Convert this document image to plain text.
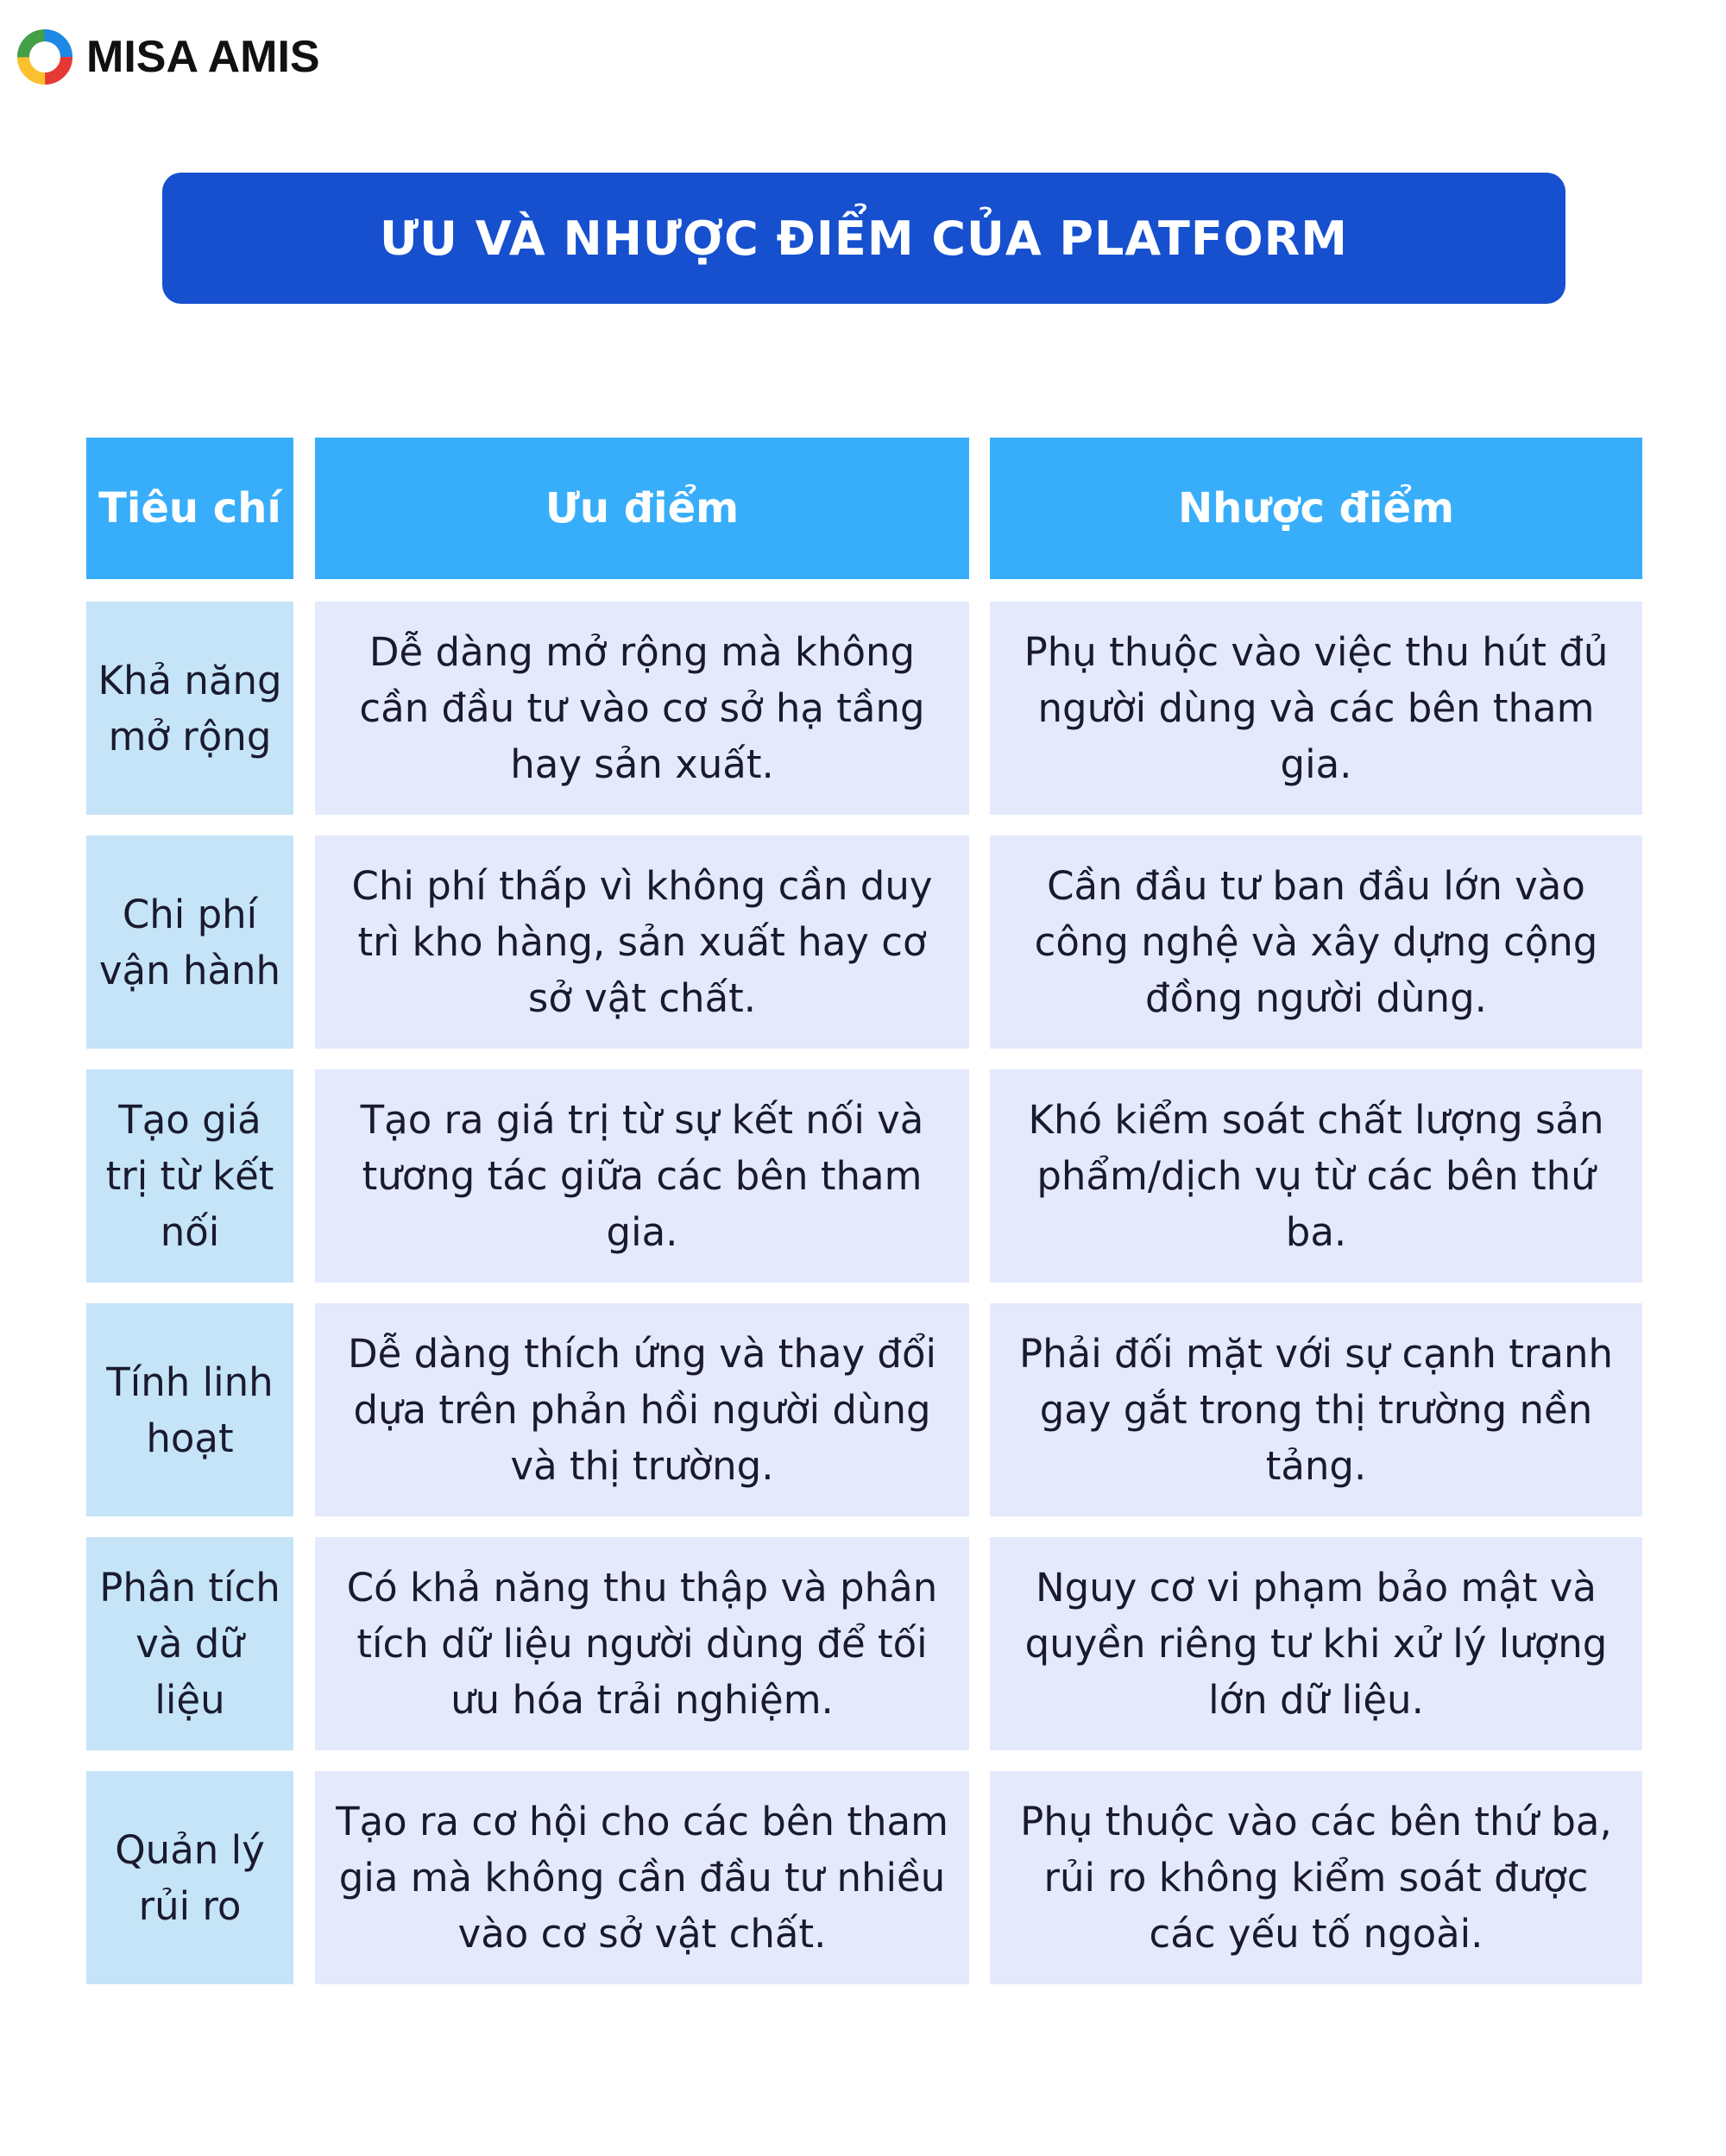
MISA AMIS
ƯU VÀ NHƯỢC ĐIỂM CỦA PLATFORM
Tiêu chí	Ưu điểm	Nhược điểm
Khả năng mở rộng
Dễ dàng mở rộng mà không cần đầu tư vào cơ sở hạ tầng hay sản xuất.
Phụ thuộc vào việc thu hút đủ người dùng và các bên tham gia.
Chi phí vận hành
Chi phí thấp vì không cần duy trì kho hàng, sản xuất hay cơ sở vật chất.
Cần đầu tư ban đầu lớn vào công nghệ và xây dựng cộng đồng người dùng.
Tạo giá trị từ kết nối
Tạo ra giá trị từ sự kết nối và tương tác giữa các bên tham gia.
Khó kiểm soát chất lượng sản phẩm/dịch vụ từ các bên thứ ba.
Tính linh hoạt
Dễ dàng thích ứng và thay đổi dựa trên phản hồi người dùng và thị trường.
Phải đối mặt với sự cạnh tranh gay gắt trong thị trường nền tảng.
Phân tích và dữ liệu
Có khả năng thu thập và phân tích dữ liệu người dùng để tối ưu hóa trải nghiệm.
Nguy cơ vi phạm bảo mật và quyền riêng tư khi xử lý lượng lớn dữ liệu.
Quản lý rủi ro
Tạo ra cơ hội cho các bên tham gia mà không cần đầu tư nhiều vào cơ sở vật chất.
Phụ thuộc vào các bên thứ ba, rủi ro không kiểm soát được các yếu tố ngoài.
